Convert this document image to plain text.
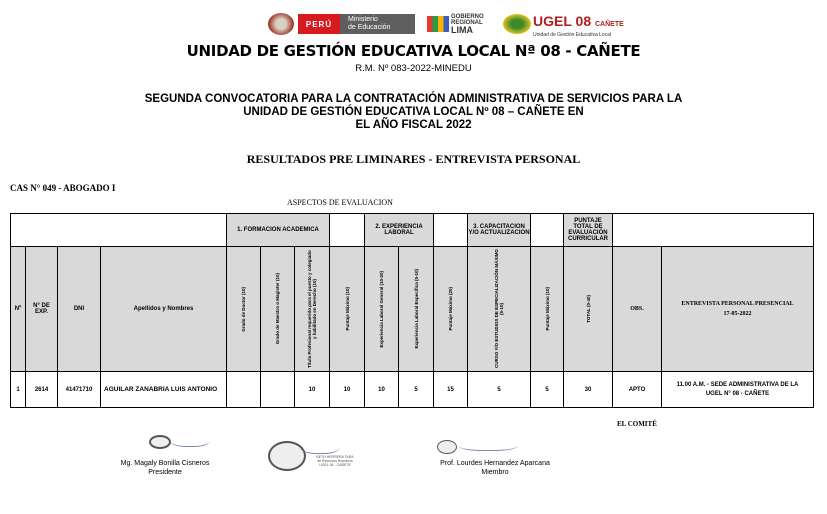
PERÚ	Ministerio
de Educación
GOBIERNO
REGIONAL
LIMA
UGEL 08 CAÑETE
Unidad de Gestión Educativa Local
UNIDAD DE GESTIÓN EDUCATIVA LOCAL Nª 08 - CAÑETE
R.M. Nº 083-2022-MINEDU
SEGUNDA CONVOCATORIA PARA LA CONTRATACIÓN ADMINISTRATIVA DE SERVICIOS PARA LA
UNIDAD DE GESTIÓN EDUCATIVA LOCAL Nº 08 – CAÑETE EN
EL AÑO FISCAL 2022
RESULTADOS PRE LIMINARES - ENTREVISTA PERSONAL
CAS N° 049 - ABOGADO I
ASPECTOS DE EVALUACION
				1. FORMACION ACADEMICA				2. EXPERIENCIA LABORAL			3. CAPACITACION Y/O ACTUALIZACION		PUNTAJE TOTAL DE EVALUACIÓN CURRICULAR		
Nº	N° DE EXP.	DNI	Apellidos y Nombres	Grado de Doctor (10)	Grado de Maestro o Magister (10)	Título Profesional requerido para el puesto y colegiado y habilitado en Derecho (10)	Puntaje Máximo (10)	Experiencia Laboral General (10-20)	Experiencia Laboral Específica (5-10)	Puntaje Máximo (20)	CURSO Y/O ESTUDIOS DE ESPECIALIZACIÓN MÁXIMO (5-10)	Puntaje Máximo (10)	TOTAL (0-40)	OBS.	ENTREVISTA PERSONAL PRESENCIAL
17-05-2022

1	2614	41471710	AGUILAR ZANABRIA LUIS ANTONIO			10	10	10	5	15	5	5	30	APTO	11.00 A.M. - SEDE ADMINISTRATIVA DE LA
UGEL N° 08 - CAÑETE
EL COMITÉ
Mg. Magaly Bonilla Cisneros
Presidente
BETH HERRERA TARA
de Recursos Humanos
UGEL 08 - CAÑETE	Prof. Lourdes Hernandez Aparcana
Miembro
